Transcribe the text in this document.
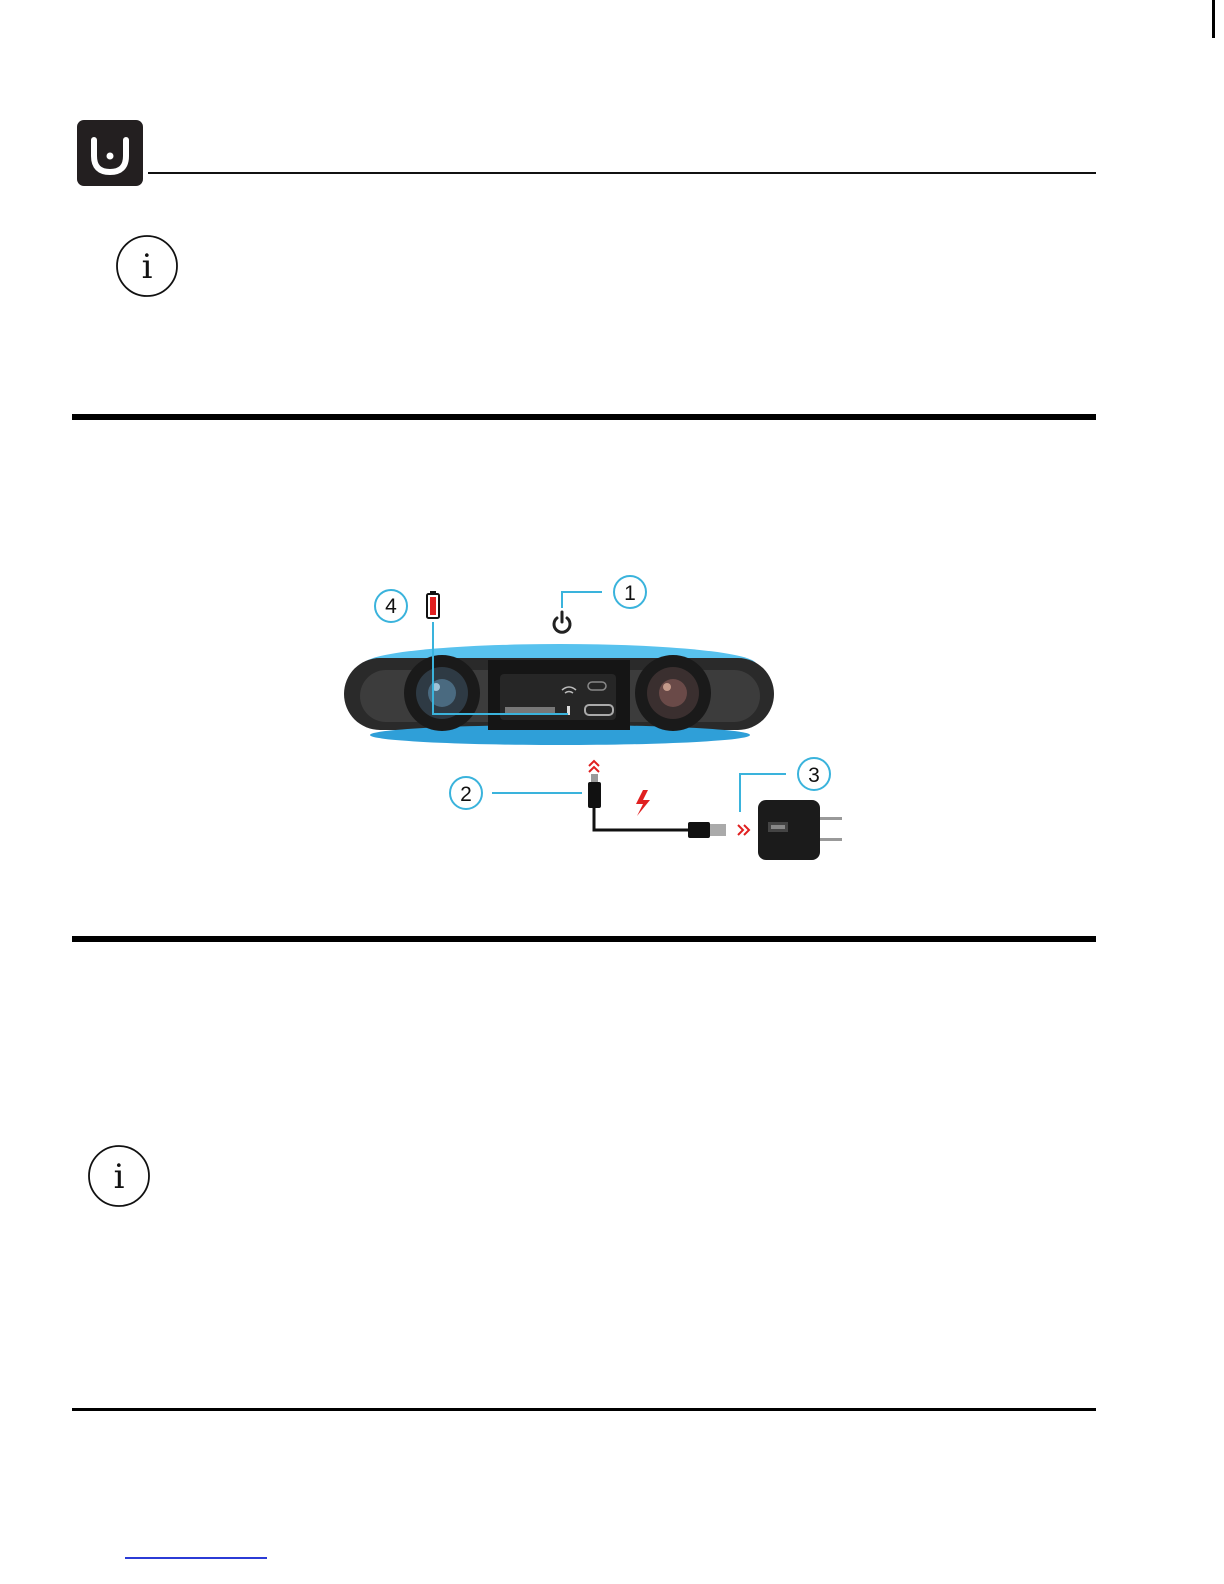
i
4
1
2
3
i
